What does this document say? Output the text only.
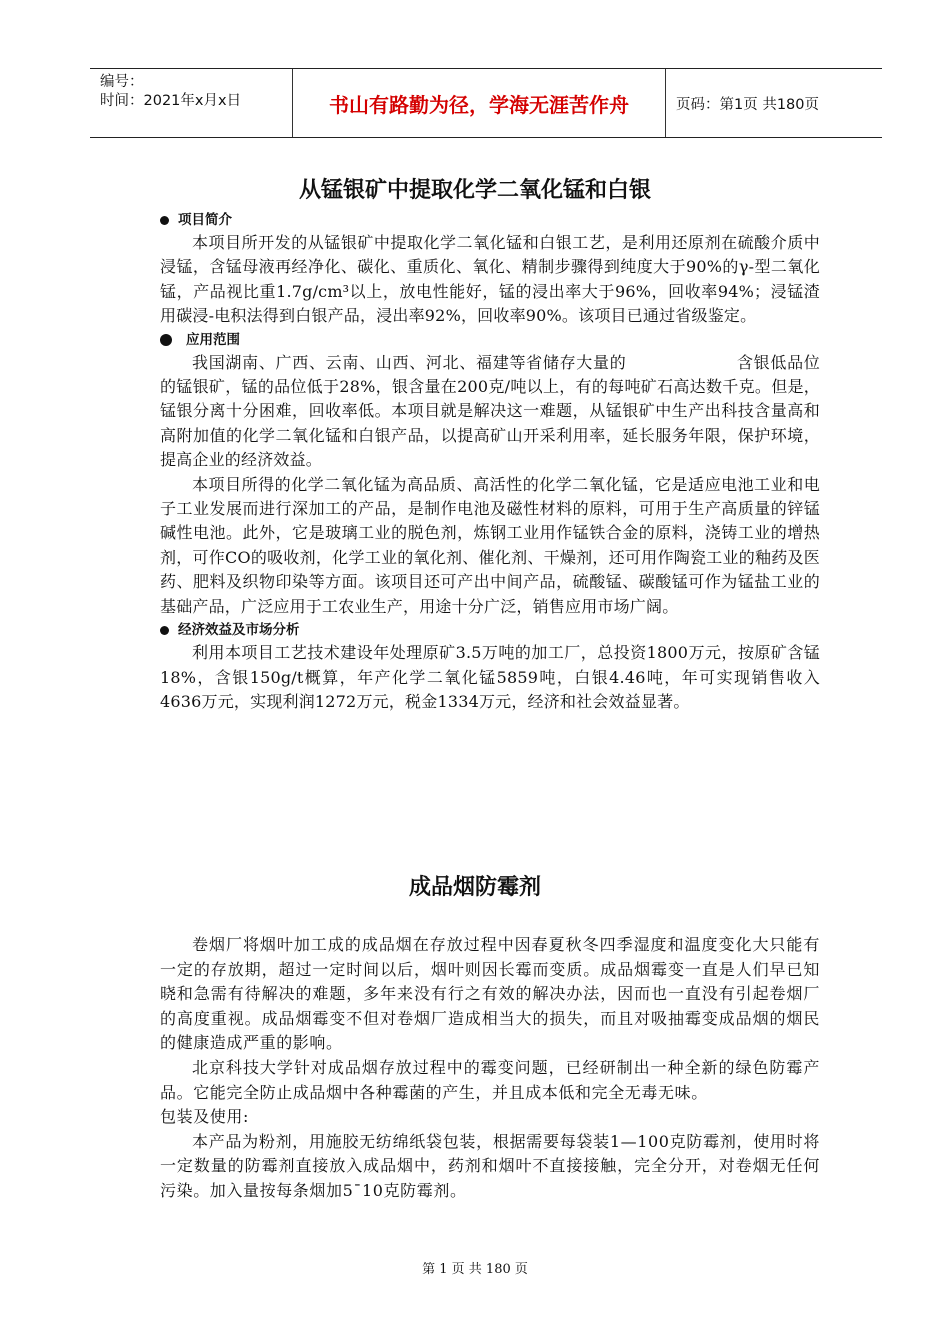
编号：
时间：2021年x月x日	书山有路勤为径，学海无涯苦作舟	页码：第1页 共180页
从锰银矿中提取化学二氧化锰和白银
项目简介

本项目所开发的从锰银矿中提取化学二氧化锰和白银工艺，是利用还原剂在硫酸介质中浸锰，含锰母液再经净化、碳化、重质化、氧化、精制步骤得到纯度大于90%的γ-型二氧化锰，产品视比重1.7g/cm³以上，放电性能好，锰的浸出率大于96%，回收率94%；浸锰渣用碳浸-电积法得到白银产品，浸出率92%，回收率90%。该项目已通过省级鉴定。

应用范围

我国湖南、广西、云南、山西、河北、福建等省储存大量的	含银低品位的锰银矿，锰的品位低于28%，银含量在200克/吨以上，有的每吨矿石高达数千克。但是，锰银分离十分困难，回收率低。本项目就是解决这一难题，从锰银矿中生产出科技含量高和高附加值的化学二氧化锰和白银产品，以提高矿山开采利用率，延长服务年限，保护环境，提高企业的经济效益。

本项目所得的化学二氧化锰为高品质、高活性的化学二氧化锰，它是适应电池工业和电子工业发展而进行深加工的产品，是制作电池及磁性材料的原料，可用于生产高质量的锌锰碱性电池。此外，它是玻璃工业的脱色剂，炼钢工业用作锰铁合金的原料，浇铸工业的增热剂，可作CO的吸收剂，化学工业的氧化剂、催化剂、干燥剂，还可用作陶瓷工业的釉药及医药、肥料及织物印染等方面。该项目还可产出中间产品，硫酸锰、碳酸锰可作为锰盐工业的基础产品，广泛应用于工农业生产，用途十分广泛，销售应用市场广阔。

经济效益及市场分析

利用本项目工艺技术建设年处理原矿3.5万吨的加工厂，总投资1800万元，按原矿含锰18%，含银150g/t概算，年产化学二氧化锰5859吨，白银4.46吨，年可实现销售收入4636万元，实现利润1272万元，税金1334万元，经济和社会效益显著。

成品烟防霉剂

卷烟厂将烟叶加工成的成品烟在存放过程中因春夏秋冬四季湿度和温度变化大只能有一定的存放期，超过一定时间以后，烟叶则因长霉而变质。成品烟霉变一直是人们早已知晓和急需有待解决的难题，多年来没有行之有效的解决办法，因而也一直没有引起卷烟厂的高度重视。成品烟霉变不但对卷烟厂造成相当大的损失，而且对吸抽霉变成品烟的烟民的健康造成严重的影响。

北京科技大学针对成品烟存放过程中的霉变问题，已经研制出一种全新的绿色防霉产品。它能完全防止成品烟中各种霉菌的产生，并且成本低和完全无毒无味。

包装及使用:

本产品为粉剂，用施胶无纺绵纸袋包装，根据需要每袋装1—100克防霉剂，使用时将一定数量的防霉剂直接放入成品烟中，药剂和烟叶不直接接触，完全分开，对卷烟无任何污染。加入量按每条烟加5¯10克防霉剂。

第 1 页 共 180 页
